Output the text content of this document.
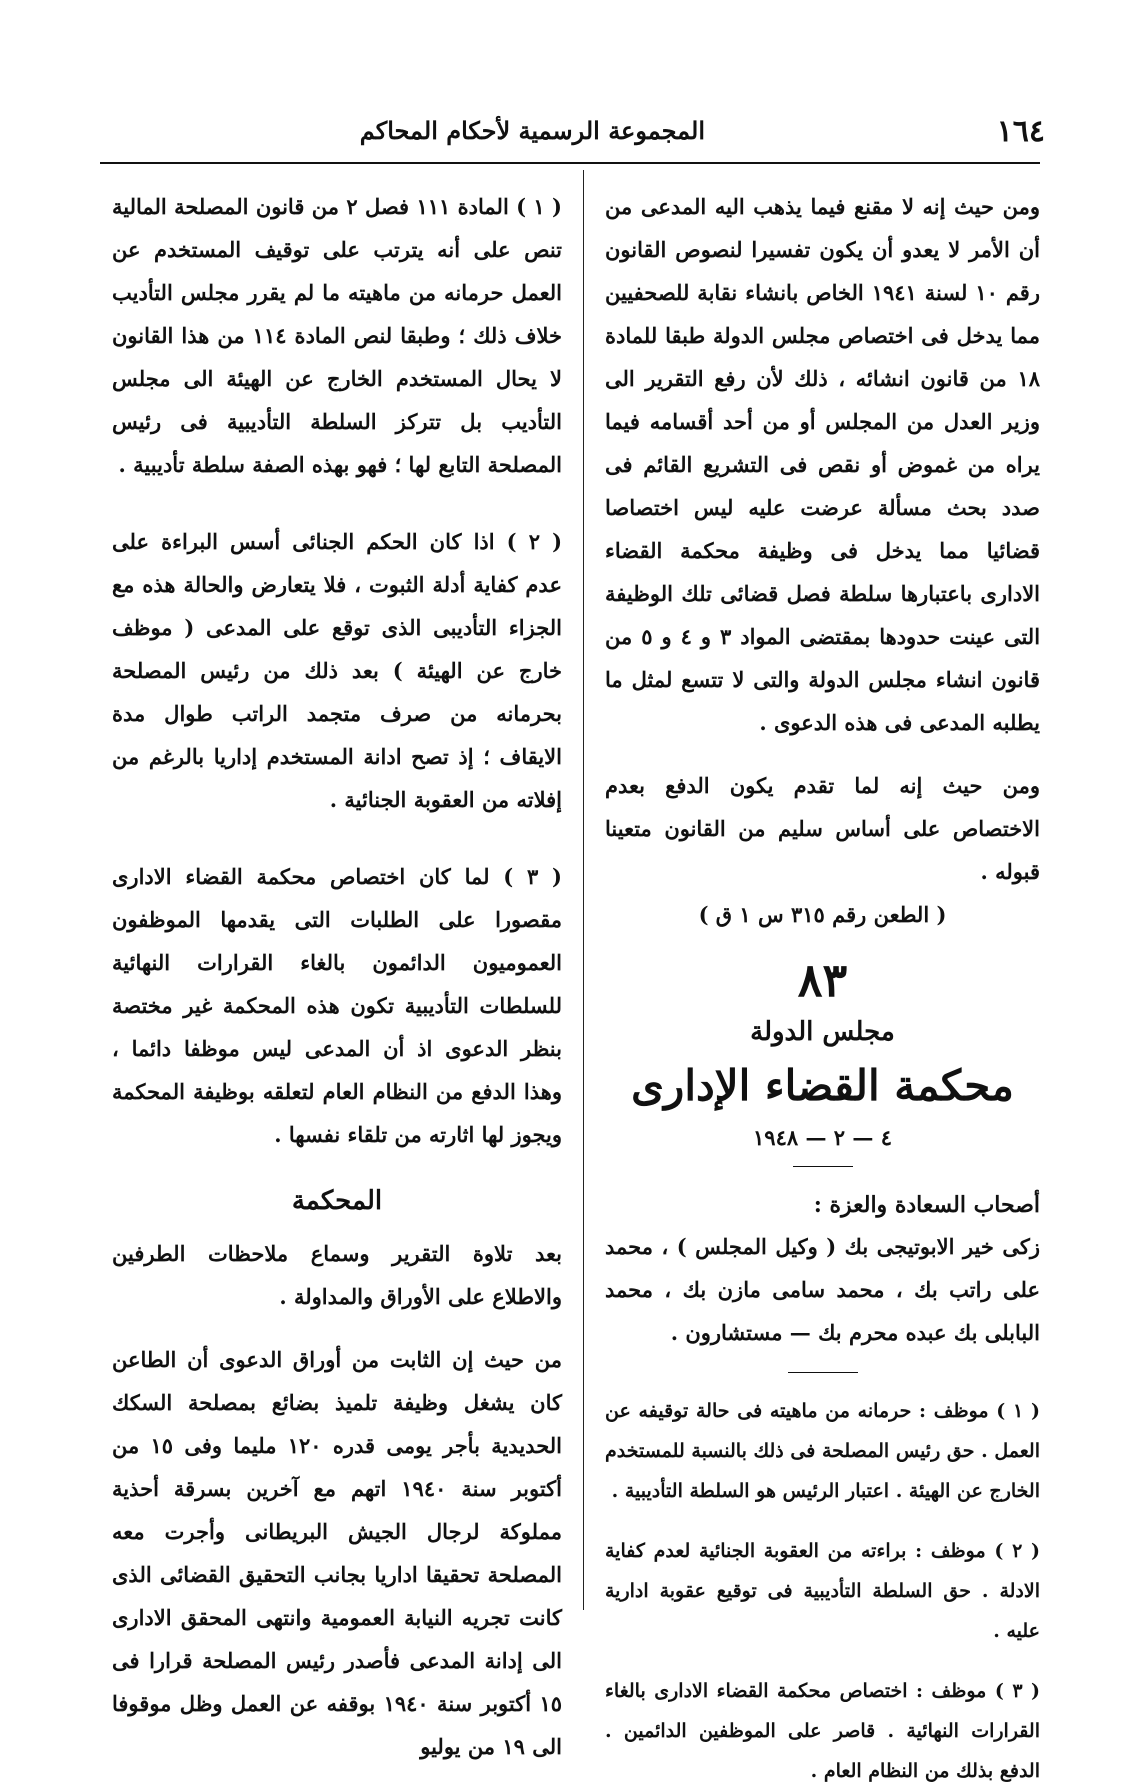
١٦٤
المجموعة الرسمية لأحكام المحاكم

ومن حيث إنه لا مقنع فيما يذهب اليه المدعى من أن الأمر لا يعدو أن يكون تفسيرا لنصوص القانون رقم ١٠ لسنة ١٩٤١ الخاص بانشاء نقابة للصحفيين مما يدخل فى اختصاص مجلس الدولة طبقا للمادة ١٨ من قانون انشائه ، ذلك لأن رفع التقرير الى وزير العدل من المجلس أو من أحد أقسامه فيما يراه من غموض أو نقص فى التشريع القائم فى صدد بحث مسألة عرضت عليه ليس اختصاصا قضائيا مما يدخل فى وظيفة محكمة القضاء الادارى باعتبارها سلطة فصل قضائى تلك الوظيفة التى عينت حدودها بمقتضى المواد ٣ و ٤ و ٥ من قانون انشاء مجلس الدولة والتى لا تتسع لمثل ما يطلبه المدعى فى هذه الدعوى .

ومن حيث إنه لما تقدم يكون الدفع بعدم الاختصاص على أساس سليم من القانون متعينا قبوله .

( الطعن رقم ٣١٥ س ١ ق )

٨٣
مجلس الدولة
محكمة القضاء الإدارى
٤ — ٢ — ١٩٤٨
أصحاب السعادة والعزة :

زكى خير الابوتيجى بك ( وكيل المجلس ) ، محمد على راتب بك ، محمد سامى مازن بك ، محمد البابلى بك عبده محرم بك — مستشارون .

( ١ ) موظف : حرمانه من ماهيته فى حالة توقيفه عن العمل . حق رئيس المصلحة فى ذلك بالنسبة للمستخدم الخارج عن الهيئة . اعتبار الرئيس هو السلطة التأديبية .

( ٢ ) موظف : براءته من العقوبة الجنائية لعدم كفاية الادلة . حق السلطة التأديبية فى توقيع عقوبة ادارية عليه .

( ٣ ) موظف : اختصاص محكمة القضاء الادارى بالغاء القرارات النهائية . قاصر على الموظفين الدائمين . الدفع بذلك من النظام العام .

( ١ ) المادة ١١١ فصل ٢ من قانون المصلحة المالية تنص على أنه يترتب على توقيف المستخدم عن العمل حرمانه من ماهيته ما لم يقرر مجلس التأديب خلاف ذلك ؛ وطبقا لنص المادة ١١٤ من هذا القانون لا يحال المستخدم الخارج عن الهيئة الى مجلس التأديب بل تتركز السلطة التأديبية فى رئيس المصلحة التابع لها ؛ فهو بهذه الصفة سلطة تأديبية .

( ٢ ) اذا كان الحكم الجنائى أسس البراءة على عدم كفاية أدلة الثبوت ، فلا يتعارض والحالة هذه مع الجزاء التأديبى الذى توقع على المدعى ( موظف خارج عن الهيئة ) بعد ذلك من رئيس المصلحة بحرمانه من صرف متجمد الراتب طوال مدة الايقاف ؛ إذ تصح ادانة المستخدم إداريا بالرغم من إفلاته من العقوبة الجنائية .

( ٣ ) لما كان اختصاص محكمة القضاء الادارى مقصورا على الطلبات التى يقدمها الموظفون العموميون الدائمون بالغاء القرارات النهائية للسلطات التأديبية تكون هذه المحكمة غير مختصة بنظر الدعوى اذ أن المدعى ليس موظفا دائما ، وهذا الدفع من النظام العام لتعلقه بوظيفة المحكمة ويجوز لها اثارته من تلقاء نفسها .

المحكمة

بعد تلاوة التقرير وسماع ملاحظات الطرفين والاطلاع على الأوراق والمداولة .

من حيث إن الثابت من أوراق الدعوى أن الطاعن كان يشغل وظيفة تلميذ بضائع بمصلحة السكك الحديدية بأجر يومى قدره ١٢٠ مليما وفى ١٥ من أكتوبر سنة ١٩٤٠ اتهم مع آخرين بسرقة أحذية مملوكة لرجال الجيش البريطانى وأجرت معه المصلحة تحقيقا اداريا بجانب التحقيق القضائى الذى كانت تجريه النيابة العمومية وانتهى المحقق الادارى الى إدانة المدعى فأصدر رئيس المصلحة قرارا فى ١٥ أكتوبر سنة ١٩٤٠ بوقفه عن العمل وظل موقوفا الى ١٩ من يوليو
